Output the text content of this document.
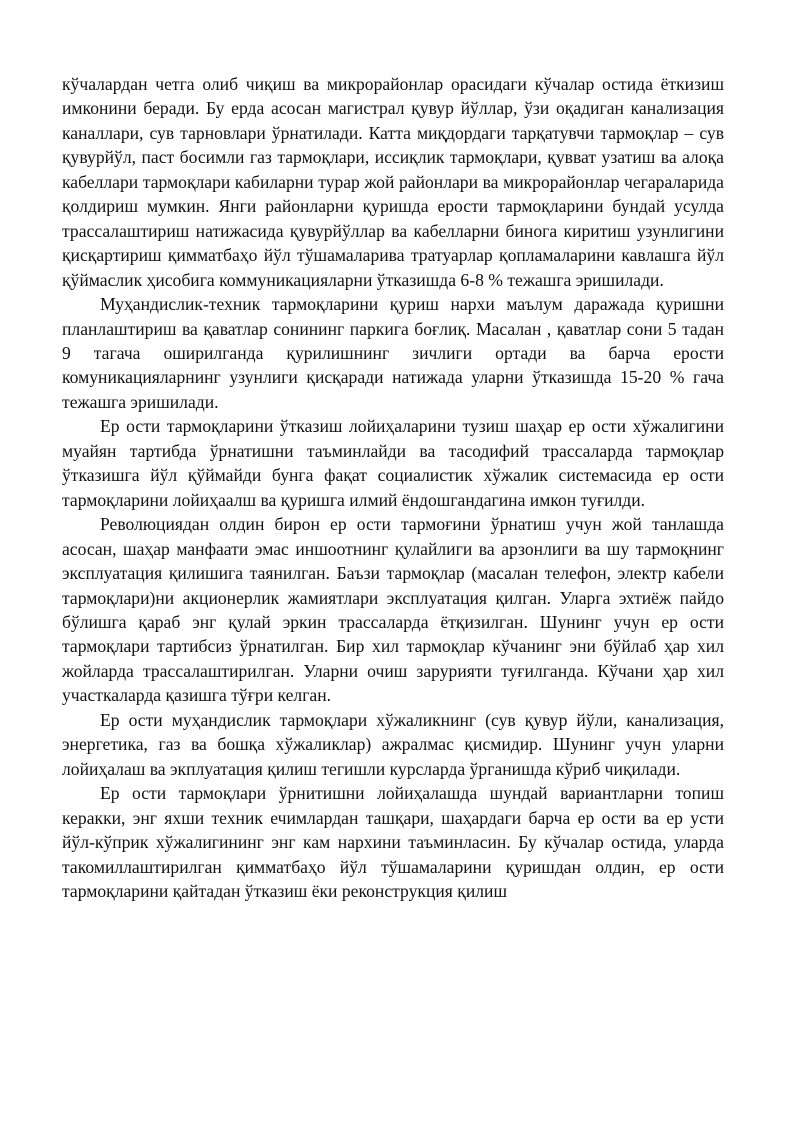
кўчалардан четга олиб чиқиш ва микрорайонлар орасидаги кўчалар остида ёткизиш имконини беради. Бу ерда асосан магистрал қувур йўллар, ўзи оқадиган канализация каналлари, сув тарновлари ўрнатилади. Катта миқдордаги тарқатувчи тармоқлар – сув қувурйўл, паст босимли газ тармоқлари, иссиқлик тармоқлари, қувват узатиш ва алоқа кабеллари тармоқлари кабиларни турар жой районлари ва микрорайонлар чегараларида қолдириш мумкин. Янги районларни қуришда ерости тармоқларини бундай усулда трассалаштириш натижасида қувурйўллар ва кабелларни бинога киритиш узунлигини қисқартириш қимматбаҳо йўл тўшамаларива тратуарлар қопламаларини кавлашга йўл қўймаслик ҳисобига коммуникацияларни ўтказишда 6-8 % тежашга эришилади.

Муҳандислик-техник тармоқларини қуриш нархи маълум даражада қуришни планлаштириш ва қаватлар сонининг паркига боғлиқ. Масалан , қаватлар сони 5 тадан 9 тагача оширилганда қурилишнинг зичлиги ортади ва барча ерости комуникацияларнинг узунлиги қисқаради натижада уларни ўтказишда 15-20 % гача тежашга эришилади.

Ер ости тармоқларини ўтказиш лойиҳаларини тузиш шаҳар ер ости хўжалигини муайян тартибда ўрнатишни таъминлайди ва тасодифий трассаларда тармоқлар ўтказишга йўл қўймайди бунга фақат социалистик хўжалик системасида ер ости тармоқларини лойиҳаалш ва қуришга илмий ёндошгандагина имкон туғилди.

Революциядан олдин бирон ер ости тармоғини ўрнатиш учун жой танлашда асосан, шаҳар манфаати эмас иншоотнинг қулайлиги ва арзонлиги ва шу тармоқнинг эксплуатация қилишига таянилган. Баъзи тармоқлар (масалан телефон, электр кабели тармоқлари)ни акционерлик жамиятлари эксплуатация қилган. Уларга эхтиёж пайдо бўлишга қараб энг қулай эркин трассаларда ётқизилган. Шунинг учун ер ости тармоқлари тартибсиз ўрнатилган. Бир хил тармоқлар кўчанинг эни бўйлаб ҳар хил жойларда трассалаштирилган. Уларни очиш зарурияти туғилганда. Кўчани ҳар хил участкаларда қазишга тўғри келган.

Ер ости муҳандислик тармоқлари хўжаликнинг (сув қувур йўли, канализация, энергетика, газ ва бошқа хўжаликлар) ажралмас қисмидир. Шунинг учун уларни лойиҳалаш ва экплуатация қилиш тегишли курсларда ўрганишда кўриб чиқилади.

Ер ости тармоқлари ўрнитишни лойиҳалашда шундай вариантларни топиш керакки, энг яхши техник ечимлардан ташқари, шаҳардаги барча ер ости ва ер усти йўл-кўприк хўжалигининг энг кам нархини таъминласин. Бу кўчалар остида, уларда такомиллаштирилган қимматбаҳо йўл тўшамаларини қуришдан олдин, ер ости тармоқларини қайтадан ўтказиш ёки реконструкция қилиш
